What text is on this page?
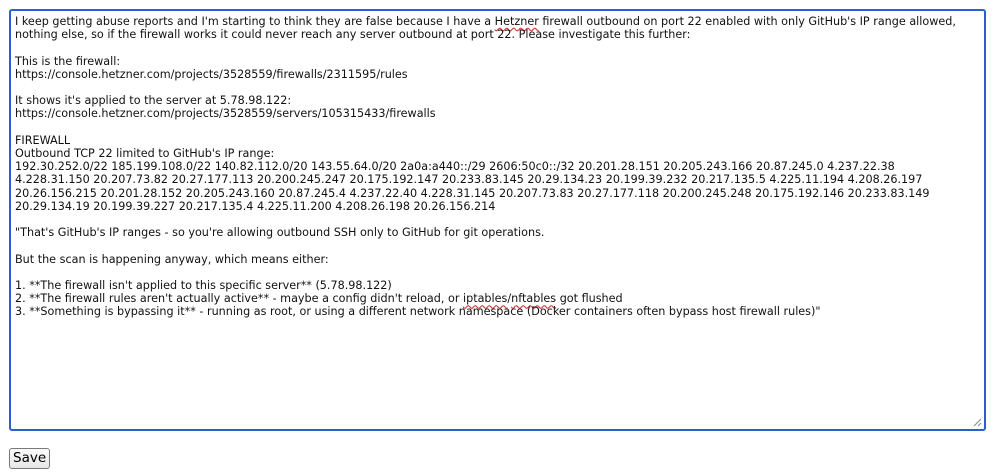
I keep getting abuse reports and I'm starting to think they are false because I have a Hetzner firewall outbound on port 22 enabled with only GitHub's IP range allowed,
nothing else, so if the firewall works it could never reach any server outbound at port 22. Please investigate this further:
This is the firewall:
https://console.hetzner.com/projects/3528559/firewalls/2311595/rules
It shows it's applied to the server at 5.78.98.122:
https://console.hetzner.com/projects/3528559/servers/105315433/firewalls
FIREWALL
Outbound TCP 22 limited to GitHub's IP range:
192.30.252.0/22 185.199.108.0/22 140.82.112.0/20 143.55.64.0/20 2a0a:a440::/29 2606:50c0::/32 20.201.28.151 20.205.243.166 20.87.245.0 4.237.22.38
4.228.31.150 20.207.73.82 20.27.177.113 20.200.245.247 20.175.192.147 20.233.83.145 20.29.134.23 20.199.39.232 20.217.135.5 4.225.11.194 4.208.26.197
20.26.156.215 20.201.28.152 20.205.243.160 20.87.245.4 4.237.22.40 4.228.31.145 20.207.73.83 20.27.177.118 20.200.245.248 20.175.192.146 20.233.83.149
20.29.134.19 20.199.39.227 20.217.135.4 4.225.11.200 4.208.26.198 20.26.156.214
"That's GitHub's IP ranges - so you're allowing outbound SSH only to GitHub for git operations.
But the scan is happening anyway, which means either:
1. **The firewall isn't applied to this specific server** (5.78.98.122)
2. **The firewall rules aren't actually active** - maybe a config didn't reload, or iptables/nftables got flushed
3. **Something is bypassing it** - running as root, or using a different network namespace (Docker containers often bypass host firewall rules)"
Save
